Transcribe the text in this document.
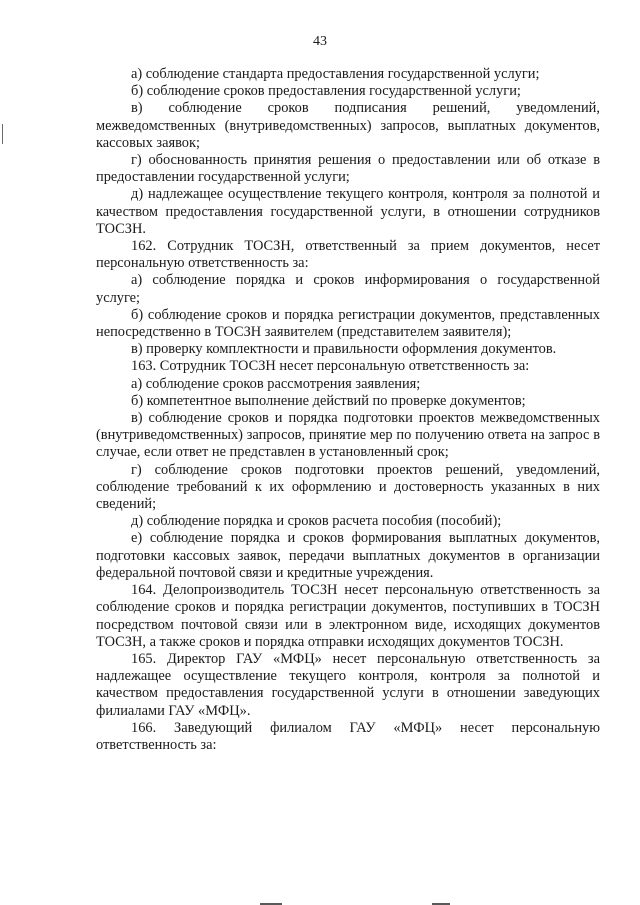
43

а) соблюдение стандарта предоставления государственной услуги;

б) соблюдение сроков предоставления государственной услуги;

в) соблюдение сроков подписания решений, уведомлений, межведомственных (внутриведомственных) запросов, выплатных документов, кассовых заявок;

г) обоснованность принятия решения о предоставлении или об отказе в предоставлении государственной услуги;

д) надлежащее осуществление текущего контроля, контроля за полнотой и качеством предоставления государственной услуги, в отношении сотрудников ТОСЗН.

162. Сотрудник ТОСЗН, ответственный за прием документов, несет персональную ответственность за:

а) соблюдение порядка и сроков информирования о государственной услуге;

б) соблюдение сроков и порядка регистрации документов, представленных непосредственно в ТОСЗН заявителем (представителем заявителя);

в) проверку комплектности и правильности оформления документов.

163. Сотрудник ТОСЗН несет персональную ответственность за:

а) соблюдение сроков рассмотрения заявления;

б) компетентное выполнение действий по проверке документов;

в) соблюдение сроков и порядка подготовки проектов межведомственных (внутриведомственных) запросов, принятие мер по получению ответа на запрос в случае, если ответ не представлен в установленный срок;

г) соблюдение сроков подготовки проектов решений, уведомлений, соблюдение требований к их оформлению и достоверность указанных в них сведений;

д) соблюдение порядка и сроков расчета пособия (пособий);

е) соблюдение порядка и сроков формирования выплатных документов, подготовки кассовых заявок, передачи выплатных документов в организации федеральной почтовой связи и кредитные учреждения.

164. Делопроизводитель ТОСЗН несет персональную ответственность за соблюдение сроков и порядка регистрации документов, поступивших в ТОСЗН посредством почтовой связи или в электронном виде, исходящих документов ТОСЗН, а также сроков и порядка отправки исходящих документов ТОСЗН.

165. Директор ГАУ «МФЦ» несет персональную ответственность за надлежащее осуществление текущего контроля, контроля за полнотой и качеством предоставления государственной услуги в отношении заведующих филиалами ГАУ «МФЦ».

166. Заведующий филиалом ГАУ «МФЦ» несет персональную ответственность за:
